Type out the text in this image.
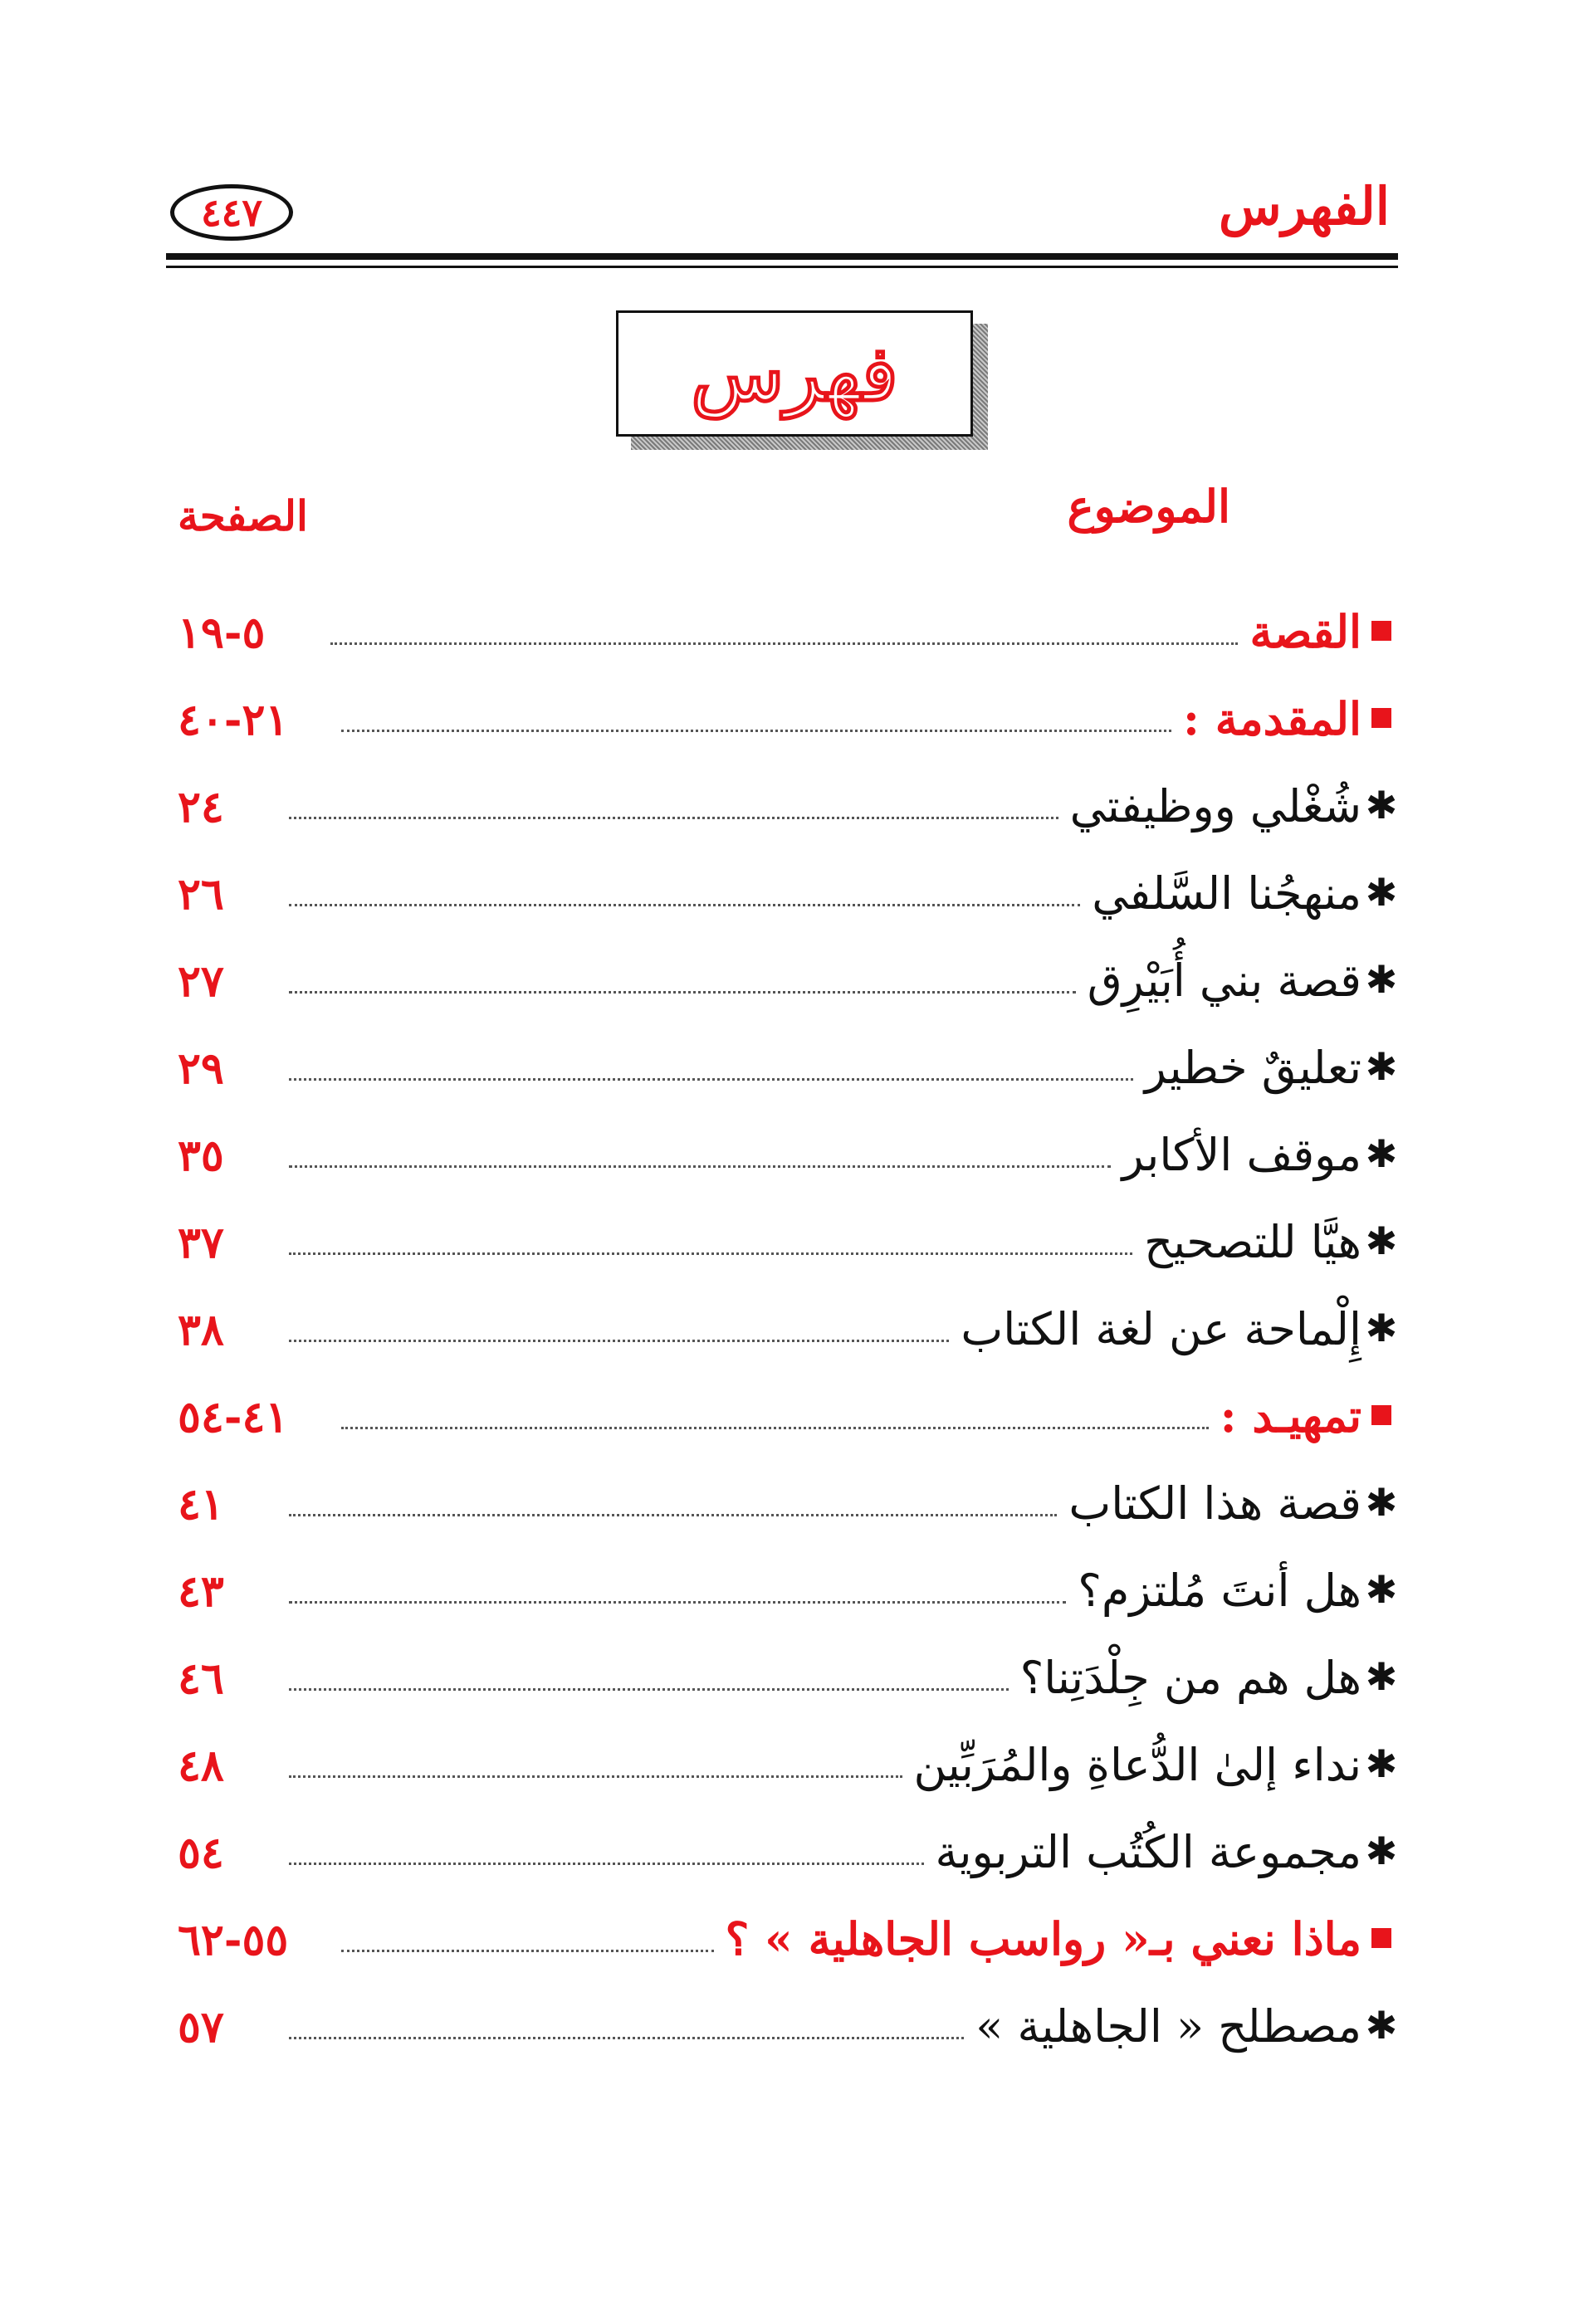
الفهرس
٤٤٧
فهرس
الموضوع
الصفحة
القصة
٥-١٩
المقدمة :
٢١-٤٠
✱
شُغْلي ووظيفتي
٢٤
✱
منهجُنا السَّلفي
٢٦
✱
قصة بني أُبَيْرِق
٢٧
✱
تعليقٌ خطير
٢٩
✱
موقف الأكابر
٣٥
✱
هيَّا للتصحيح
٣٧
✱
إِلْماحة عن لغة الكتاب
٣٨
تمهيـد :
٤١-٥٤
✱
قصة هذا الكتاب
٤١
✱
هل أنتَ مُلتزم؟
٤٣
✱
هل هم من جِلْدَتِنا؟
٤٦
✱
نداء إلىٰ الدُّعاةِ والمُرَبِّين
٤٨
✱
مجموعة الكُتُب التربوية
٥٤
ماذا نعني بـ« رواسب الجاهلية » ؟
٥٥-٦٢
✱
مصطلح « الجاهلية »
٥٧
